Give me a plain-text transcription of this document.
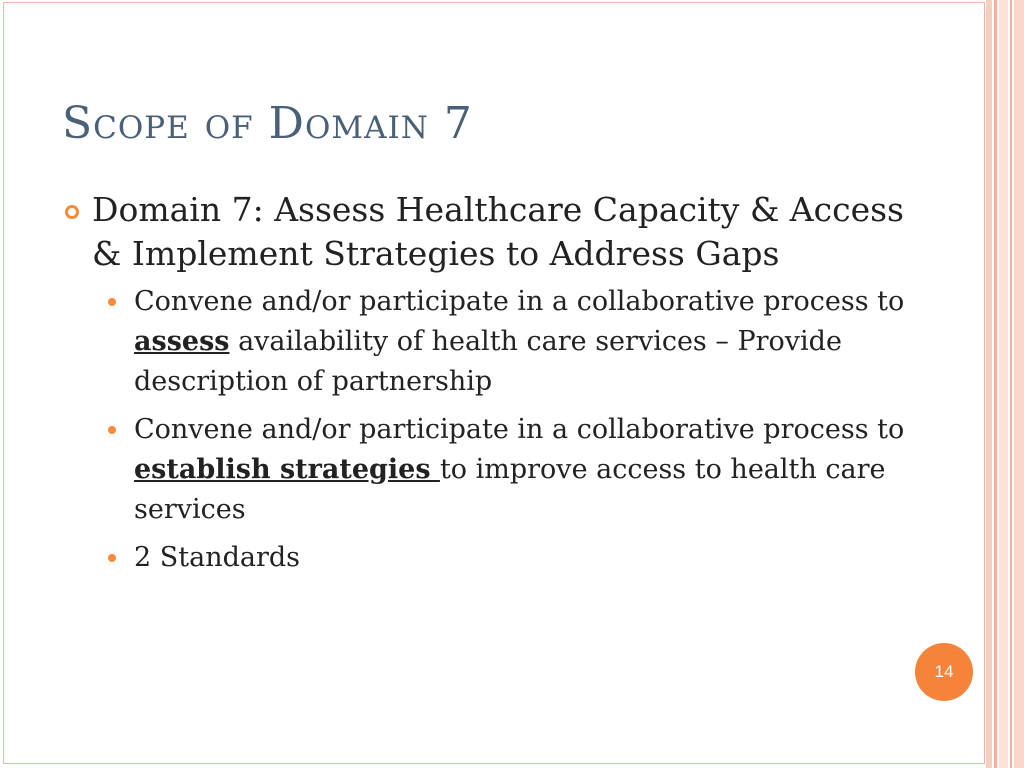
Scope of Domain 7
Domain 7: Assess Healthcare Capacity & Access & Implement Strategies to Address Gaps
Convene and/or participate in a collaborative process to assess availability of health care services – Provide description of partnership
Convene and/or participate in a collaborative process to establish strategies to improve access to health care services
2 Standards
14
